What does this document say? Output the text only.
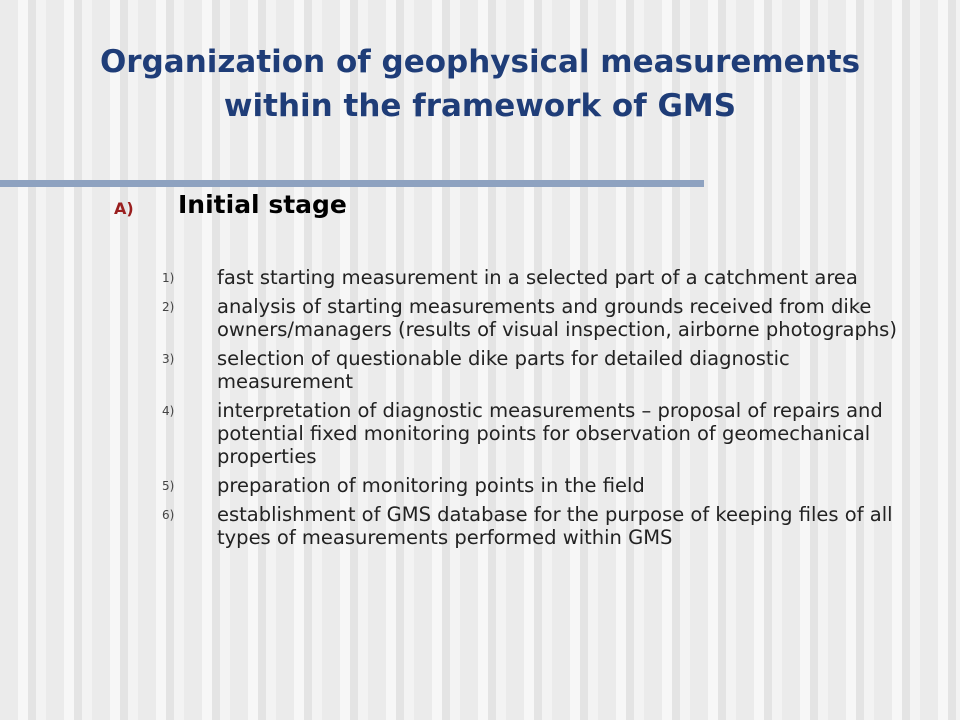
Organization of geophysical measurements
within the framework of GMS
A) Initial stage
1) fast starting measurement in a selected part of a catchment area
2) analysis of starting measurements and grounds received from dike owners/managers (results of visual inspection, airborne photographs)
3) selection of questionable dike parts for detailed diagnostic measurement
4) interpretation of diagnostic measurements – proposal of repairs and potential fixed monitoring points for observation of geomechanical properties
5) preparation of monitoring points in the field
6) establishment of GMS database for the purpose of keeping files of all types of measurements performed within GMS
